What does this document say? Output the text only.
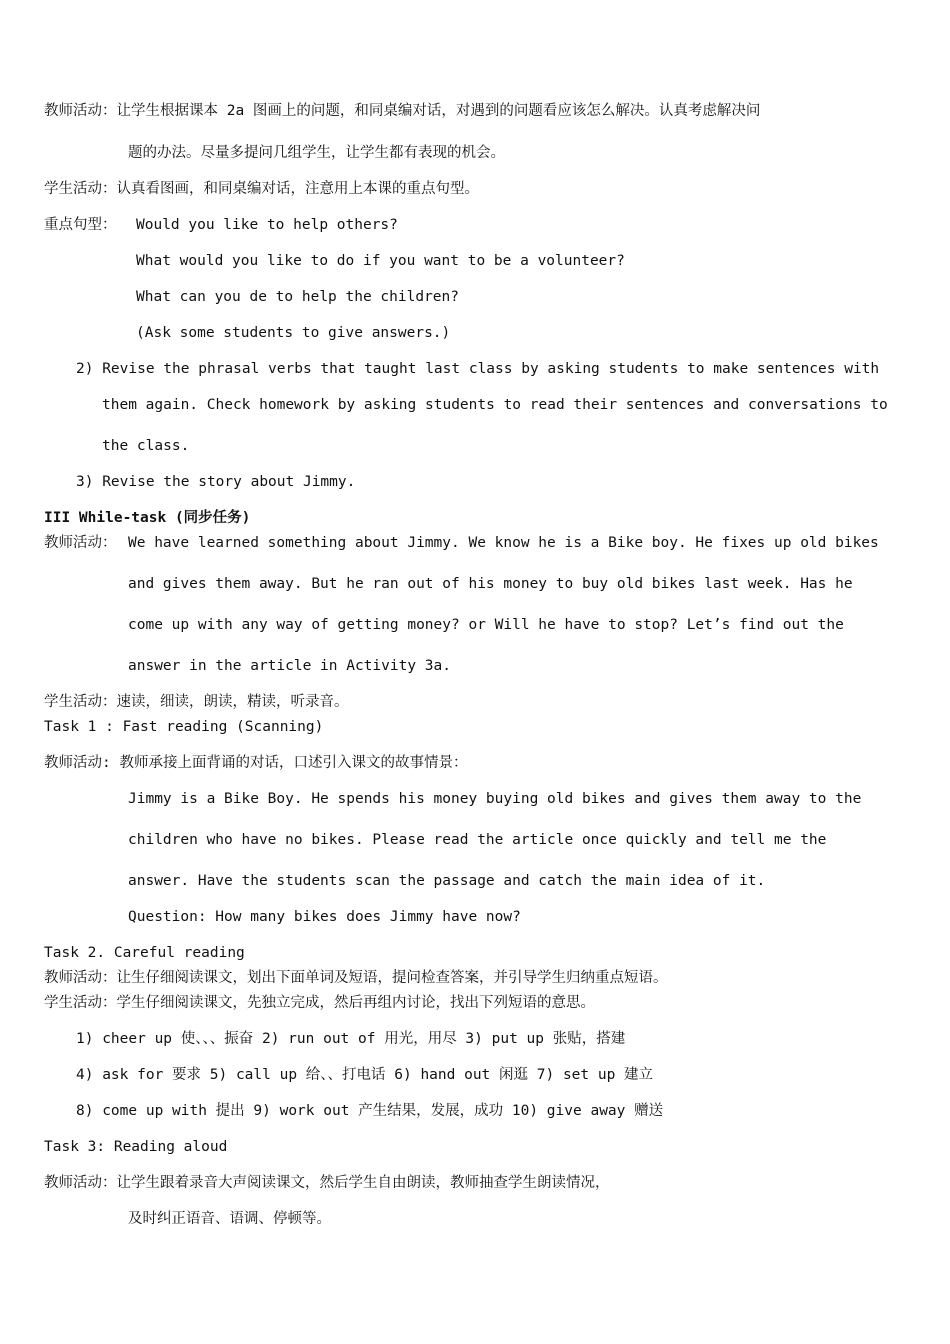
教师活动：让学生根据课本 2a 图画上的问题，和同桌编对话，对遇到的问题看应该怎么解决。认真考虑解决问
题的办法。尽量多提问几组学生，让学生都有表现的机会。
学生活动：认真看图画，和同桌编对话，注意用上本课的重点句型。
重点句型： Would you like to help others?
What would you like to do if you want to be a volunteer?
What can you de to help the children?
(Ask some students to give answers.)
2) Revise the phrasal verbs that taught last class by asking students to make sentences with
them again. Check homework by asking students to read their sentences and conversations to
the class.
3) Revise the story about Jimmy.
III While-task (同步任务)
教师活动： We have learned something about Jimmy. We know he is a Bike boy. He fixes up old bikes
and gives them away. But he ran out of his money to buy old bikes last week. Has he
come up with any way of getting money? or Will he have to stop? Let’s find out the
answer in the article in Activity 3a.
学生活动：速读，细读，朗读，精读，听录音。
Task 1 : Fast reading (Scanning)
教师活动: 教师承接上面背诵的对话，口述引入课文的故事情景：
Jimmy is a Bike Boy. He spends his money buying old bikes and gives them away to the
children who have no bikes. Please read the article once quickly and tell me the
answer. Have the students scan the passage and catch the main idea of it.
Question: How many bikes does Jimmy have now?
Task 2. Careful reading
教师活动：让生仔细阅读课文，划出下面单词及短语，提问检查答案，并引导学生归纳重点短语。
学生活动：学生仔细阅读课文，先独立完成，然后再组内讨论，找出下列短语的意思。
1) cheer up 使、、、振奋 2) run out of 用光，用尽 3) put up 张贴，搭建
4) ask for 要求 5) call up 给、、打电话 6) hand out 闲逛 7) set up 建立
8) come up with 提出 9) work out 产生结果，发展，成功 10) give away 赠送
Task 3: Reading aloud
教师活动：让学生跟着录音大声阅读课文，然后学生自由朗读，教师抽查学生朗读情况，
及时纠正语音、语调、停顿等。
